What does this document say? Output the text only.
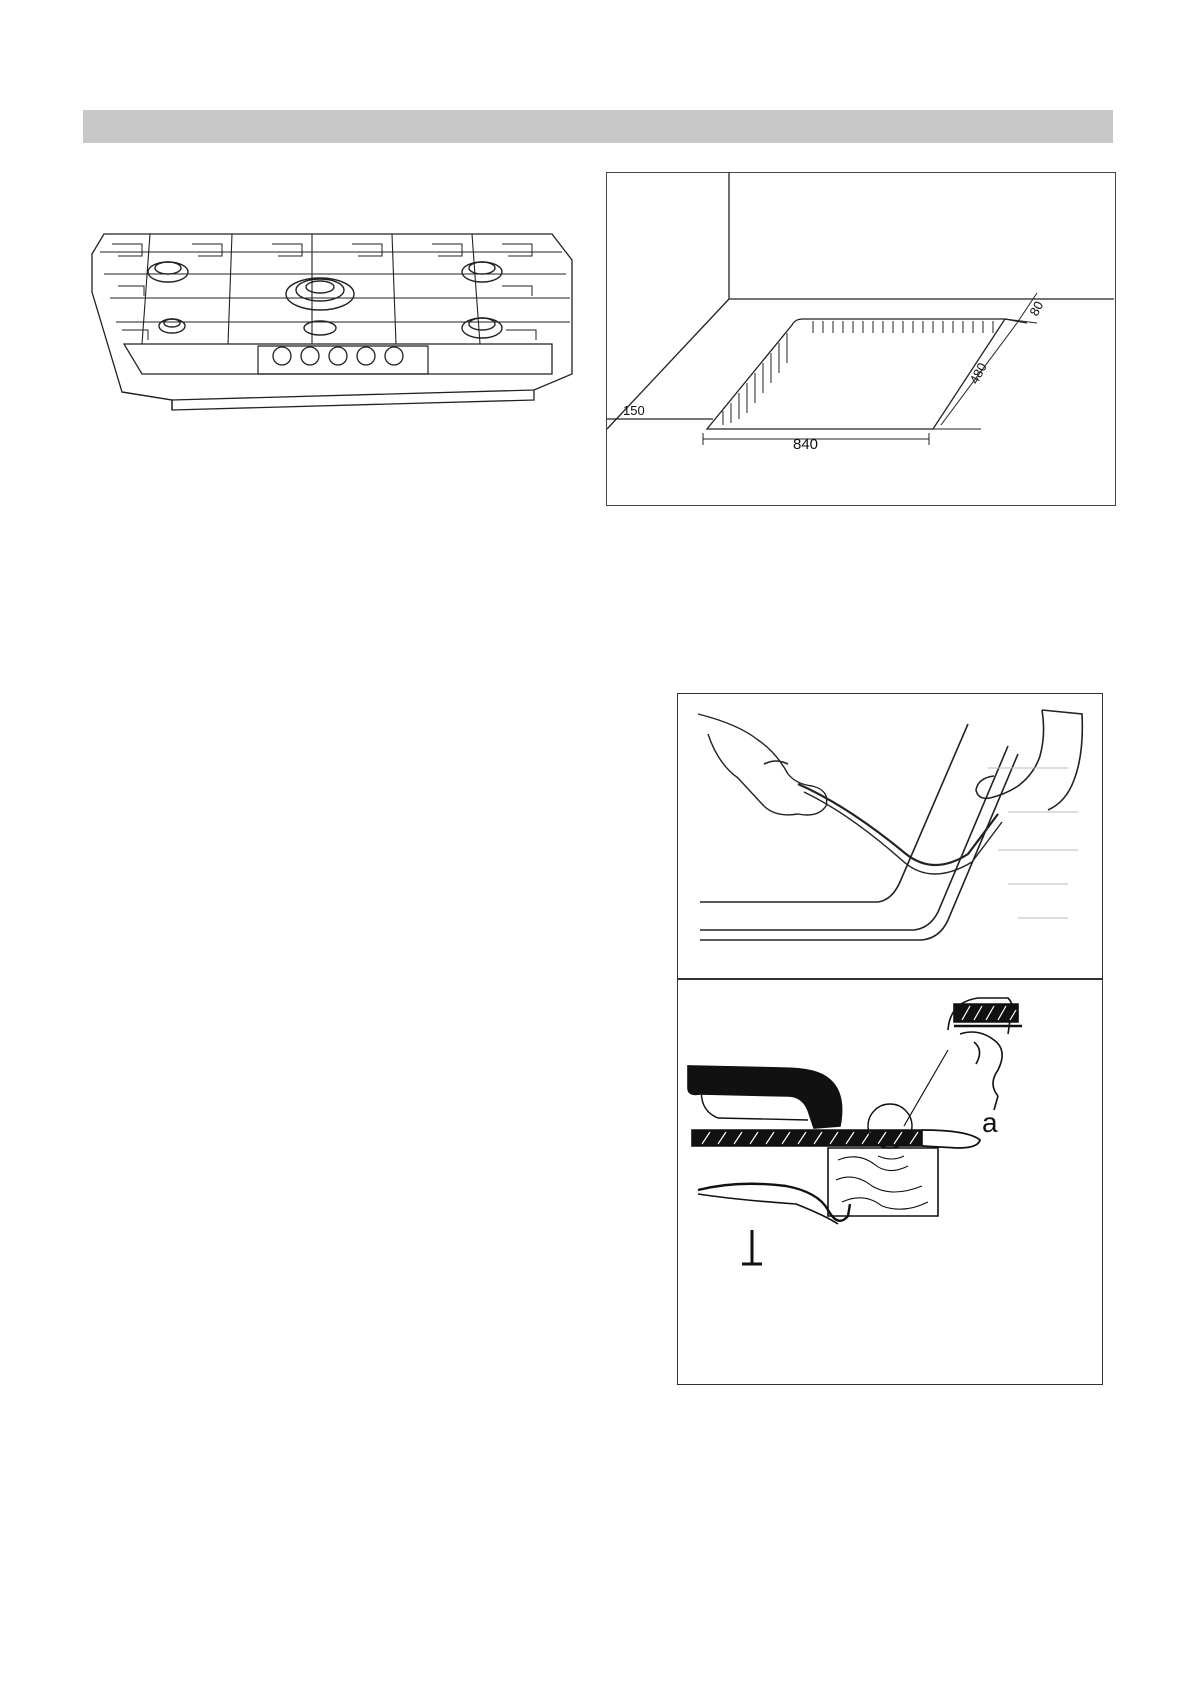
150
840
480
80
a
